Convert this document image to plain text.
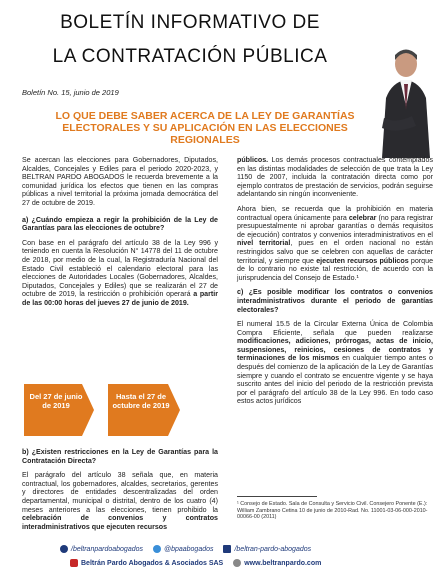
BOLETÍN INFORMATIVO DE
LA CONTRATACIÓN PÚBLICA
Boletín No. 15, junio de 2019
LO QUE DEBE SABER ACERCA DE LA LEY DE GARANTÍAS ELECTORALES Y SU APLICACIÓN EN LAS ELECCIONES REGIONALES

Se acercan las elecciones para Gobernadores, Diputados, Alcaldes, Concejales y Ediles para el periodo 2020-2023, y BELTRAN PARDO ABOGADOS le recuerda brevemente a la comunidad jurídica los efectos que tienen en las compras públicas a nivel territorial la próxima jornada democrática del 27 de octubre de 2019.

a) ¿Cuándo empieza a regir la prohibición de la Ley de Garantías para las elecciones de octubre?

Con base en el parágrafo del artículo 38 de la Ley 996 y teniendo en cuenta la Resolución N° 14778 del 11 de octubre de 2018, por medio de la cual, la Registraduría Nacional del Estado Civil estableció el calendario electoral para las elecciones de Autoridades Locales (Gobernadores, Alcaldes, Diputados, Concejales y Ediles) que se realizarán el 27 de octubre de 2019, la restricción o prohibición operará a partir de las 00:00 horas del jueves 27 de junio de 2019.

Del 27 de junio de 2019
Hasta el 27 de octubre de 2019

b) ¿Existen restricciones en la Ley de Garantías para la Contratación Directa?

El parágrafo del artículo 38 señala que, en materia contractual, los gobernadores, alcaldes, secretarios, gerentes y directores de entidades descentralizadas del orden departamental, municipal o distrital, dentro de los cuatro (4) meses anteriores a las elecciones, tienen prohibido la celebración de convenios y contratos interadministrativos que ejecuten recursos

públicos. Los demás procesos contractuales contemplados en las distintas modalidades de selección de que trata la Ley 1150 de 2007, incluida la contratación directa como por ejemplo contratos de prestación de servicios, podrán seguirse adelantando sin ningún inconveniente.

Ahora bien, se recuerda que la prohibición en materia contractual opera únicamente para celebrar (no para registrar presupuestalmente ni aprobar garantías o demás requisitos de ejecución) contratos y convenios interadministrativos en el nivel territorial, pues en el orden nacional no están restringidos salvo que se celebren con aquellas de carácter territorial, y siempre que ejecuten recursos públicos porque de lo contrario no existe tal restricción, de acuerdo con la jurisprudencia del Consejo de Estado.¹

c) ¿Es posible modificar los contratos o convenios interadministrativos durante el periodo de garantías electorales?

El numeral 15.5 de la Circular Externa Única de Colombia Compra Eficiente, señala que pueden realizarse modificaciones, adiciones, prórrogas, actas de inicio, suspensiones, reinicios, cesiones de contratos y terminaciones de los mismos en cualquier tiempo antes o después del comienzo de la aplicación de la Ley de Garantías siempre y cuando el contrato se encuentre vigente y se haya suscrito antes del inicio del periodo de la restricción prevista por el parágrafo del artículo 38 de la Ley 996. En todo caso estos actos jurídicos

¹ Consejo de Estado. Sala de Consulta y Servicio Civil. Consejero Ponente (E.): William Zambrano Cetina 10 de junio de 2010-Rad. No. 11001-03-06-000-2010-00066-00 (2011)
/beltranpardoabogados	@bpaabogados	/beltran-pardo-abogados
Beltrán Pardo Abogados & Asociados SAS	www.beltranpardo.com
